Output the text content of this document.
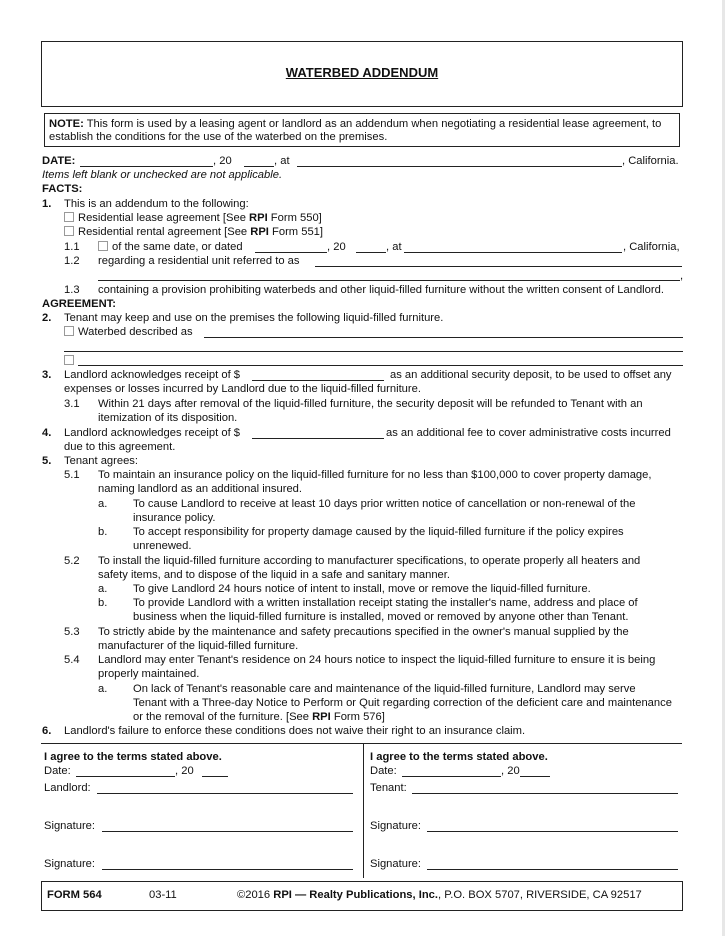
WATERBED ADDENDUM
NOTE: This form is used by a leasing agent or landlord as an addendum when negotiating a residential lease agreement, to establish the conditions for the use of the waterbed on the premises.
DATE:	, 20	, at	, California.
Items left blank or unchecked are not applicable.
FACTS:
1. This is an addendum to the following:
Residential lease agreement [See RPI Form 550]
Residential rental agreement [See RPI Form 551]
1.1	of the same date, or dated	, 20	, at	, California,
1.2 regarding a residential unit referred to as
,
1.3 containing a provision prohibiting waterbeds and other liquid-filled furniture without the written consent of Landlord.
AGREEMENT:
2. Tenant may keep and use on the premises the following liquid-filled furniture.
Waterbed described as
3. Landlord acknowledges receipt of $	as an additional security deposit, to be used to offset any
expenses or losses incurred by Landlord due to the liquid-filled furniture.
3.1 Within 21 days after removal of the liquid-filled furniture, the security deposit will be refunded to Tenant with an
itemization of its disposition.
4. Landlord acknowledges receipt of $	as an additional fee to cover administrative costs incurred
due to this agreement.
5. Tenant agrees:
5.1 To maintain an insurance policy on the liquid-filled furniture for no less than $100,000 to cover property damage,
naming landlord as an additional insured.
a. To cause Landlord to receive at least 10 days prior written notice of cancellation or non-renewal of the
insurance policy.
b. To accept responsibility for property damage caused by the liquid-filled furniture if the policy expires
unrenewed.
5.2 To install the liquid-filled furniture according to manufacturer specifications, to operate properly all heaters and
safety items, and to dispose of the liquid in a safe and sanitary manner.
a. To give Landlord 24 hours notice of intent to install, move or remove the liquid-filled furniture.
b. To provide Landlord with a written installation receipt stating the installer's name, address and place of
business when the liquid-filled furniture is installed, moved or removed by anyone other than Tenant.
5.3 To strictly abide by the maintenance and safety precautions specified in the owner's manual supplied by the
manufacturer of the liquid-filled furniture.
5.4 Landlord may enter Tenant's residence on 24 hours notice to inspect the liquid-filled furniture to ensure it is being
properly maintained.
a. On lack of Tenant's reasonable care and maintenance of the liquid-filled furniture, Landlord may serve
Tenant with a Three-day Notice to Perform or Quit regarding correction of the deficient care and maintenance
or the removal of the furniture. [See RPI Form 576]
6. Landlord's failure to enforce these conditions does not waive their right to an insurance claim.
I agree to the terms stated above.
Date:	, 20
Landlord:
Signature:
Signature:
I agree to the terms stated above.
Date:	, 20
Tenant:
Signature:
Signature:
FORM 564	03-11	©2016 RPI — Realty Publications, Inc., P.O. BOX 5707, RIVERSIDE, CA 92517
